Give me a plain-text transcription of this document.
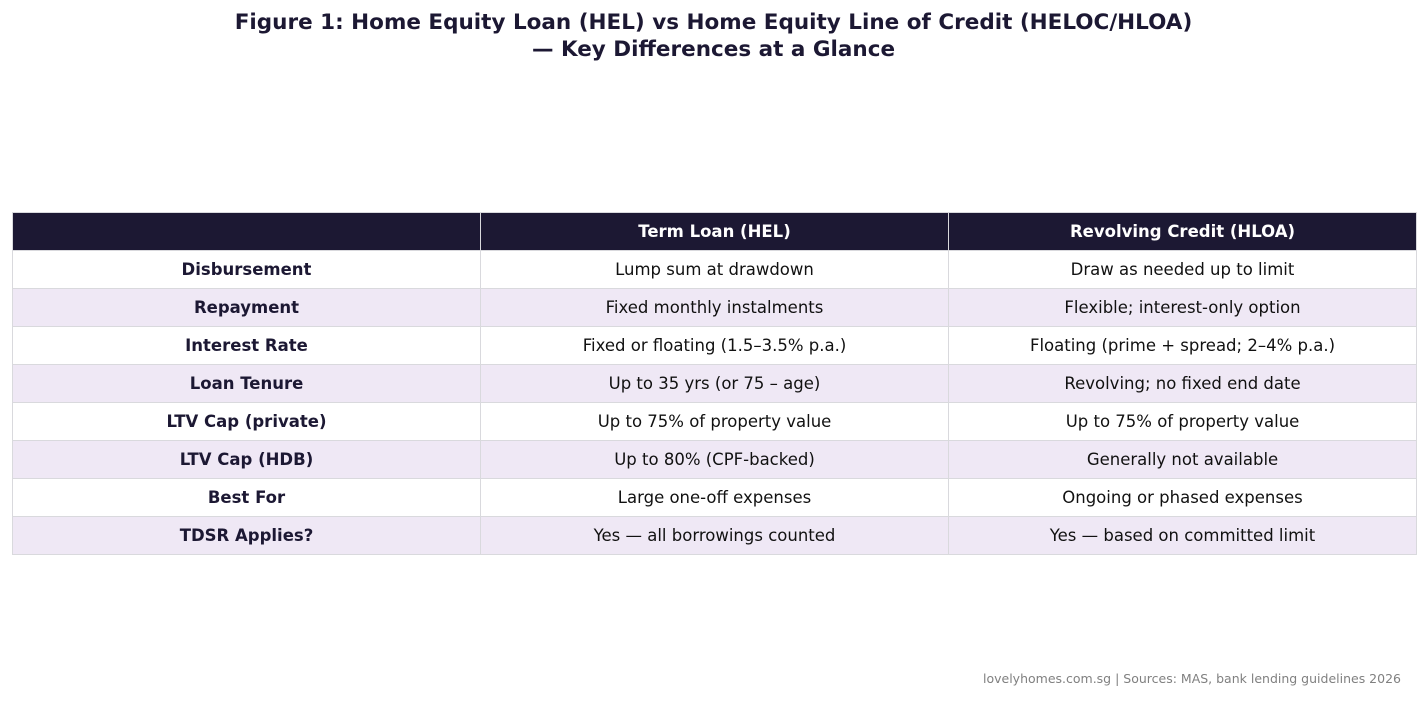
Figure 1: Home Equity Loan (HEL) vs Home Equity Line of Credit (HELOC/HLOA)
— Key Differences at a Glance
	Term Loan (HEL)	Revolving Credit (HLOA)
Disbursement	Lump sum at drawdown	Draw as needed up to limit
Repayment	Fixed monthly instalments	Flexible; interest-only option
Interest Rate	Fixed or floating (1.5–3.5% p.a.)	Floating (prime + spread; 2–4% p.a.)
Loan Tenure	Up to 35 yrs (or 75 – age)	Revolving; no fixed end date
LTV Cap (private)	Up to 75% of property value	Up to 75% of property value
LTV Cap (HDB)	Up to 80% (CPF-backed)	Generally not available
Best For	Large one-off expenses	Ongoing or phased expenses
TDSR Applies?	Yes — all borrowings counted	Yes — based on committed limit
lovelyhomes.com.sg | Sources: MAS, bank lending guidelines 2026
